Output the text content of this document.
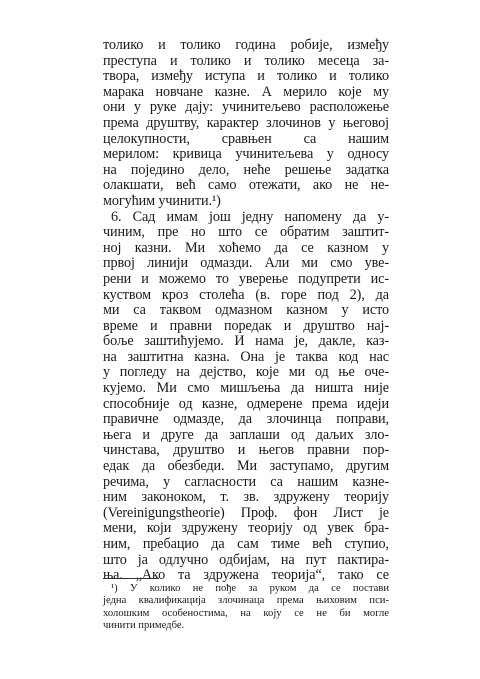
толико и толико година робије, између
преступа и толико и толико месеца за-
твора, између иступа и толико и толико
марака новчане казне. А мерило које му
они у руке дају: учинитељево расположење
према друштву, карактер злочинов у његовој
целокупности, сравњен са нашим
мерилом: кривица учинитељева у односу
на поједино дело, неће решење задатка
олакшати, већ само отежати, ако не не-
могућим учинити.¹)
6. Сад имам још једну напомену да у-
чиним, пре но што се обратим заштит-
ној казни. Ми хоћемо да се казном у
првој линији одмазди. Али ми смо уве-
рени и можемо то уверење подупрети ис-
куством кроз столећа (в. горе под 2), да
ми са таквом одмазном казном у исто
време и правни поредак и друштво нај-
боље заштићујемо. И нама је, дакле, каз-
на заштитна казна. Она је таква код нас
у погледу на дејство, које ми од ње оче-
кујемо. Ми смо мишљења да ништа није
способније од казне, одмерене према идеји
правичне одмазде, да злочинца поправи,
њега и друге да заплаши од даљих зло-
чинстава, друштво и његов правни пор-
едак да обезбеди. Ми заступамо, другим
речима, у сагласности са нашим казне-
ним законоком, т. зв. здружену теорију
(Vereinigungstheorie) Проф. фон Лист је
мени, који здружену теорију од увек бра-
ним, пребацио да сам тиме већ ступио,
што ја одлучно одбијам, на пут пактира-
ња. „Ако та здружена теорија“, тако се
¹) У колико не пође за руком да се постави
једна квалификација злочинаца према њиховим пси-
холошким особеностима, на коју се не би могле
чинити примедбе.
